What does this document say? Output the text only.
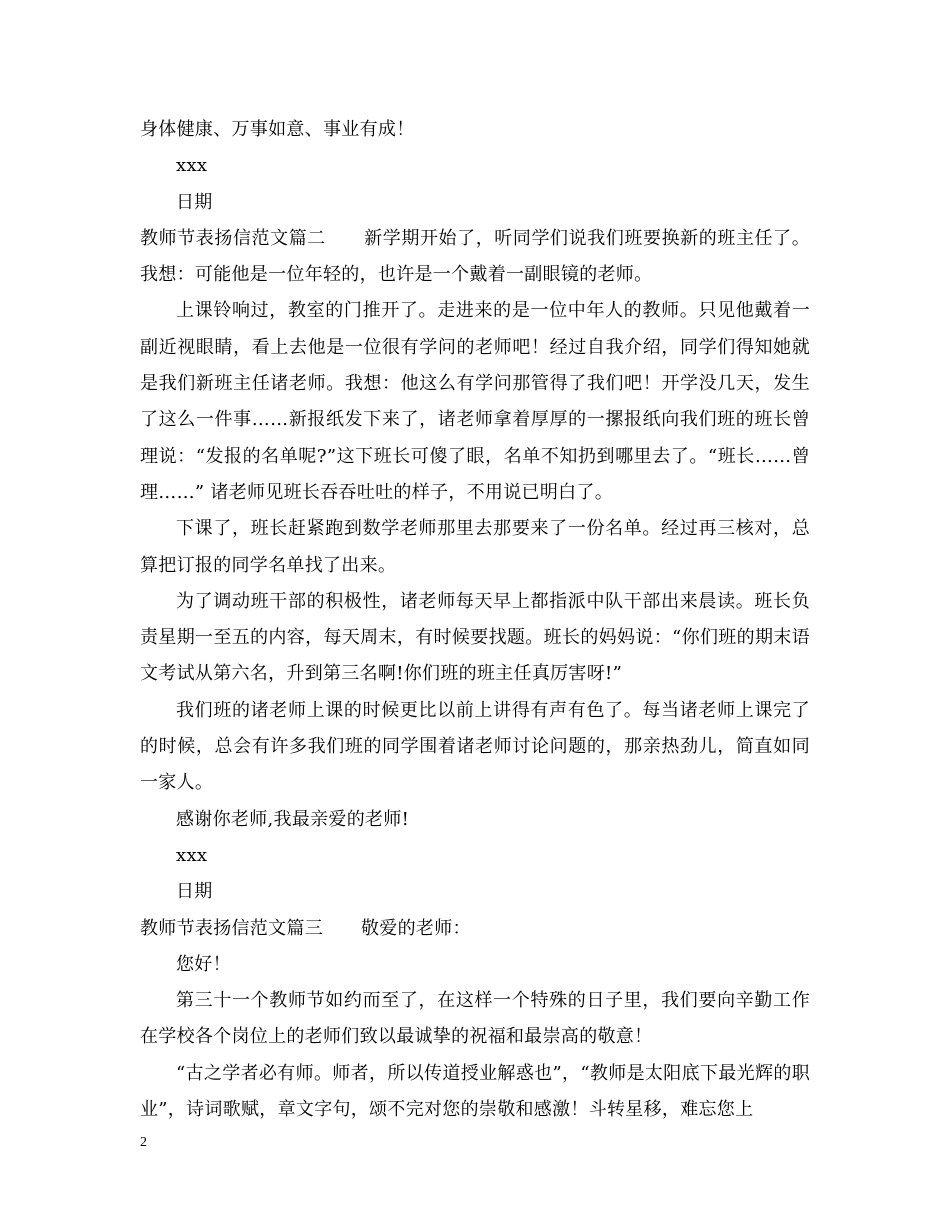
身体健康、万事如意、事业有成！

xxx

日期

教师节表扬信范文篇二 新学期开始了，听同学们说我们班要换新的班主任了。我想：可能他是一位年轻的，也许是一个戴着一副眼镜的老师。

上课铃响过，教室的门推开了。走进来的是一位中年人的教师。只见他戴着一副近视眼睛，看上去他是一位很有学问的老师吧！经过自我介绍，同学们得知她就是我们新班主任诸老师。我想：他这么有学问那管得了我们吧！开学没几天，发生了这么一件事……新报纸发下来了，诸老师拿着厚厚的一摞报纸向我们班的班长曾理说：“发报的名单呢?”这下班长可傻了眼，名单不知扔到哪里去了。“班长……曾理……” 诸老师见班长吞吞吐吐的样子，不用说已明白了。

下课了，班长赶紧跑到数学老师那里去那要来了一份名单。经过再三核对，总算把订报的同学名单找了出来。

为了调动班干部的积极性，诸老师每天早上都指派中队干部出来晨读。班长负责星期一至五的内容，每天周末，有时候要找题。班长的妈妈说：“你们班的期末语文考试从第六名，升到第三名啊!你们班的班主任真厉害呀!”

我们班的诸老师上课的时候更比以前上讲得有声有色了。每当诸老师上课完了的时候，总会有许多我们班的同学围着诸老师讨论问题的，那亲热劲儿，简直如同一家人。

感谢你老师,我最亲爱的老师!

xxx

日期

教师节表扬信范文篇三 敬爱的老师：

您好！

第三十一个教师节如约而至了，在这样一个特殊的日子里，我们要向辛勤工作在学校各个岗位上的老师们致以最诚挚的祝福和最崇高的敬意！

“古之学者必有师。师者，所以传道授业解惑也”，“教师是太阳底下最光辉的职业”，诗词歌赋，章文字句，颂不完对您的崇敬和感激！斗转星移，难忘您上

2
